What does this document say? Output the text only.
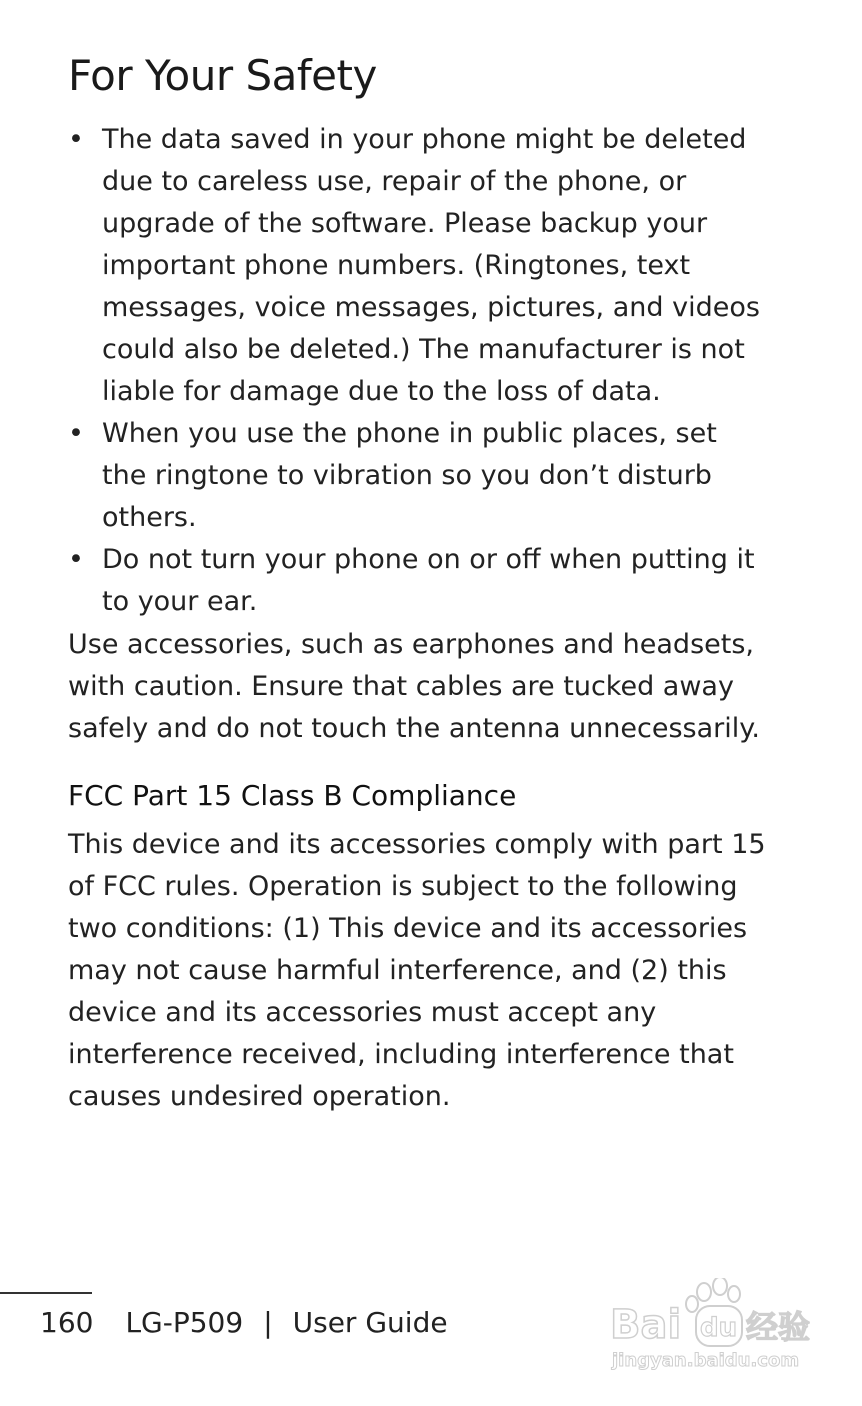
For Your Safety
• The data saved in your phone might be deleted due to careless use, repair of the phone, or upgrade of the software. Please backup your important phone numbers. (Ringtones, text messages, voice messages, pictures, and videos could also be deleted.) The manufacturer is not liable for damage due to the loss of data.
• When you use the phone in public places, set the ringtone to vibration so you don’t disturb others.
• Do not turn your phone on or off when putting it to your ear.

Use accessories, such as earphones and headsets, with caution. Ensure that cables are tucked away safely and do not touch the antenna unnecessarily.

FCC Part 15 Class B Compliance

This device and its accessories comply with part 15 of FCC rules. Operation is subject to the following two conditions: (1) This device and its accessories may not cause harmful interference, and (2) this device and its accessories must accept any interference received, including interference that causes undesired operation.

160 LG-P509 | User Guide	Bai du 经验
jingyan.baidu.com
